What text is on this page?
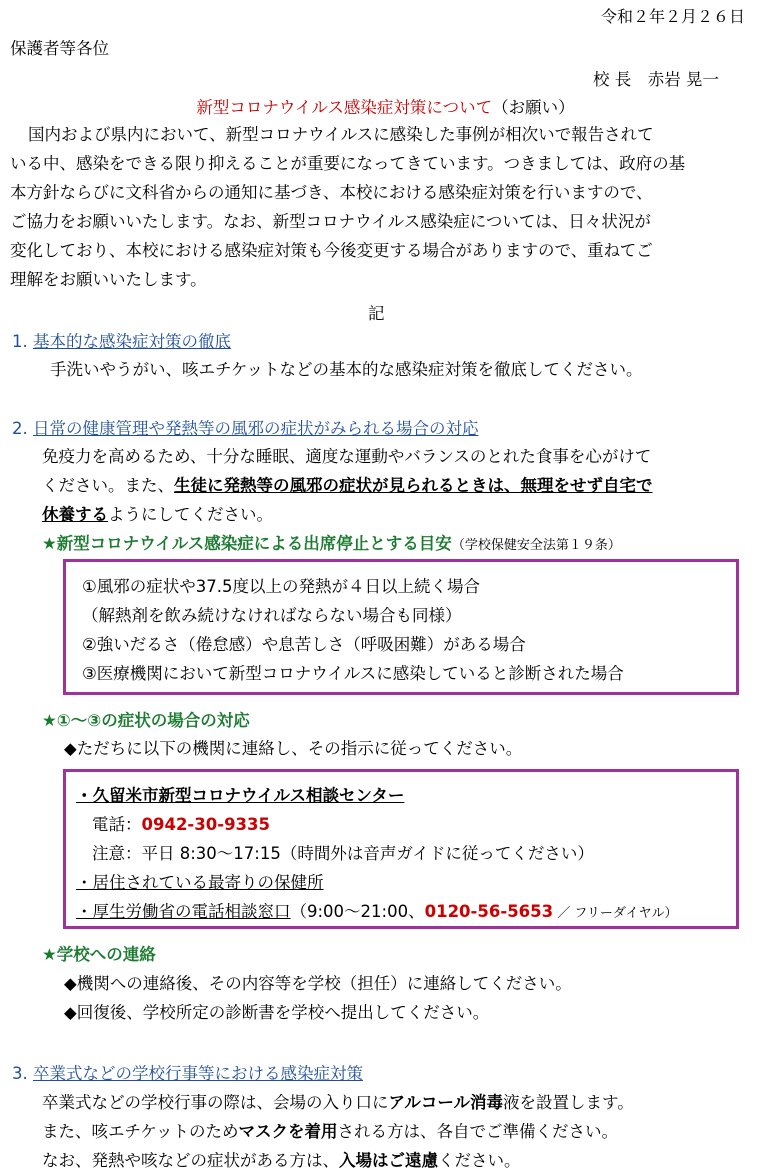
令和２年２月２６日
保護者等各位
校 長　赤岩 晃一
新型コロナウイルス感染症対策について（お願い）
国内および県内において、新型コロナウイルスに感染した事例が相次いで報告されて
いる中、感染をできる限り抑えることが重要になってきています。つきましては、政府の基
本方針ならびに文科省からの通知に基づき、本校における感染症対策を行いますので、
ご協力をお願いいたします。なお、新型コロナウイルス感染症については、日々状況が
変化しており、本校における感染症対策も今後変更する場合がありますので、重ねてご
理解をお願いいたします。
記
1. 基本的な感染症対策の徹底
手洗いやうがい、咳エチケットなどの基本的な感染症対策を徹底してください。
2. 日常の健康管理や発熱等の風邪の症状がみられる場合の対応
免疫力を高めるため、十分な睡眠、適度な運動やバランスのとれた食事を心がけて
ください。また、生徒に発熱等の風邪の症状が見られるときは、無理をせず自宅で
休養するようにしてください。
★新型コロナウイルス感染症による出席停止とする目安（学校保健安全法第１９条）
①風邪の症状や37.5度以上の発熱が４日以上続く場合
（解熱剤を飲み続けなければならない場合も同様）
②強いだるさ（倦怠感）や息苦しさ（呼吸困難）がある場合
③医療機関において新型コロナウイルスに感染していると診断された場合
★①～③の症状の場合の対応
◆ただちに以下の機関に連絡し、その指示に従ってください。
・久留米市新型コロナウイルス相談センター
電話：0942-30-9335
注意：平日 8:30～17:15（時間外は音声ガイドに従ってください）
・居住されている最寄りの保健所
・厚生労働省の電話相談窓口（9:00～21:00、0120-56-5653 ／ フリーダイヤル）
★学校への連絡
◆機関への連絡後、その内容等を学校（担任）に連絡してください。
◆回復後、学校所定の診断書を学校へ提出してください。
3. 卒業式などの学校行事等における感染症対策
卒業式などの学校行事の際は、会場の入り口にアルコール消毒液を設置します。
また、咳エチケットのためマスクを着用される方は、各自でご準備ください。
なお、発熱や咳などの症状がある方は、入場はご遠慮ください。
